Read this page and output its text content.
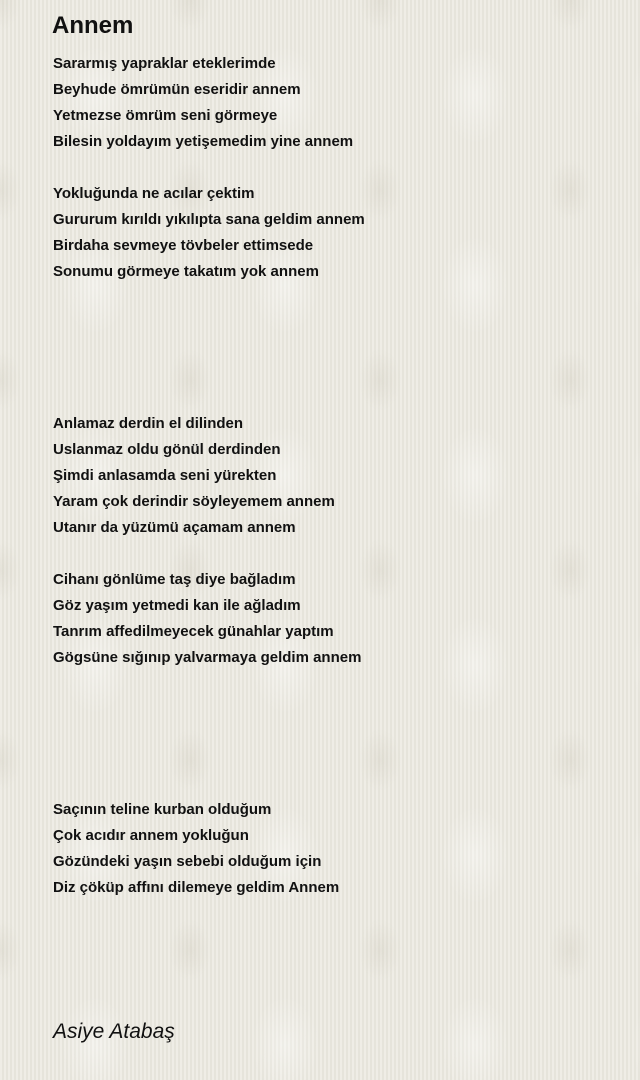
Annem
Sararmış yapraklar eteklerimde
Beyhude ömrümün eseridir annem
Yetmezse ömrüm seni görmeye
Bilesin yoldayım yetişemedim yine annem
Yokluğunda ne acılar çektim
Gururum kırıldı yıkılıpta sana geldim annem
Birdaha sevmeye tövbeler ettimsede
Sonumu görmeye takatım yok annem
Anlamaz derdin el dilinden
Uslanmaz oldu gönül derdinden
Şimdi anlasamda seni yürekten
Yaram çok derindir söyleyemem annem
Utanır da yüzümü açamam annem
Cihanı gönlüme taş diye bağladım
Göz yaşım yetmedi kan ile ağladım
Tanrım affedilmeyecek günahlar yaptım
Gögsüne sığınıp yalvarmaya geldim annem
Saçının teline kurban olduğum
Çok acıdır annem yokluğun
Gözündeki yaşın sebebi olduğum için
Diz çöküp affını dilemeye geldim Annem
Asiye Atabaş
